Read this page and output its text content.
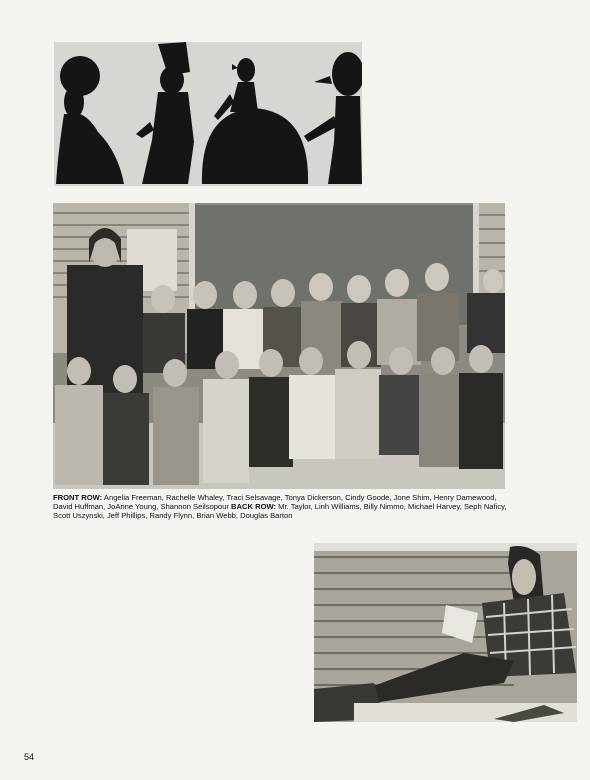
FRONT ROW: Angelia Freeman, Rachelle Whaley, Traci Selsavage, Tonya Dickerson, Cindy Goode, Jone Shim, Henry Damewood, David Huffman, JoAnne Young, Shannon Seilsopour BACK ROW: Mr. Taylor, Linh Williams, Billy Nimmo, Michael Harvey, Seph Naficy, Scott Uszynski, Jeff Phillips, Randy Flynn, Brian Webb, Douglas Barton

54
